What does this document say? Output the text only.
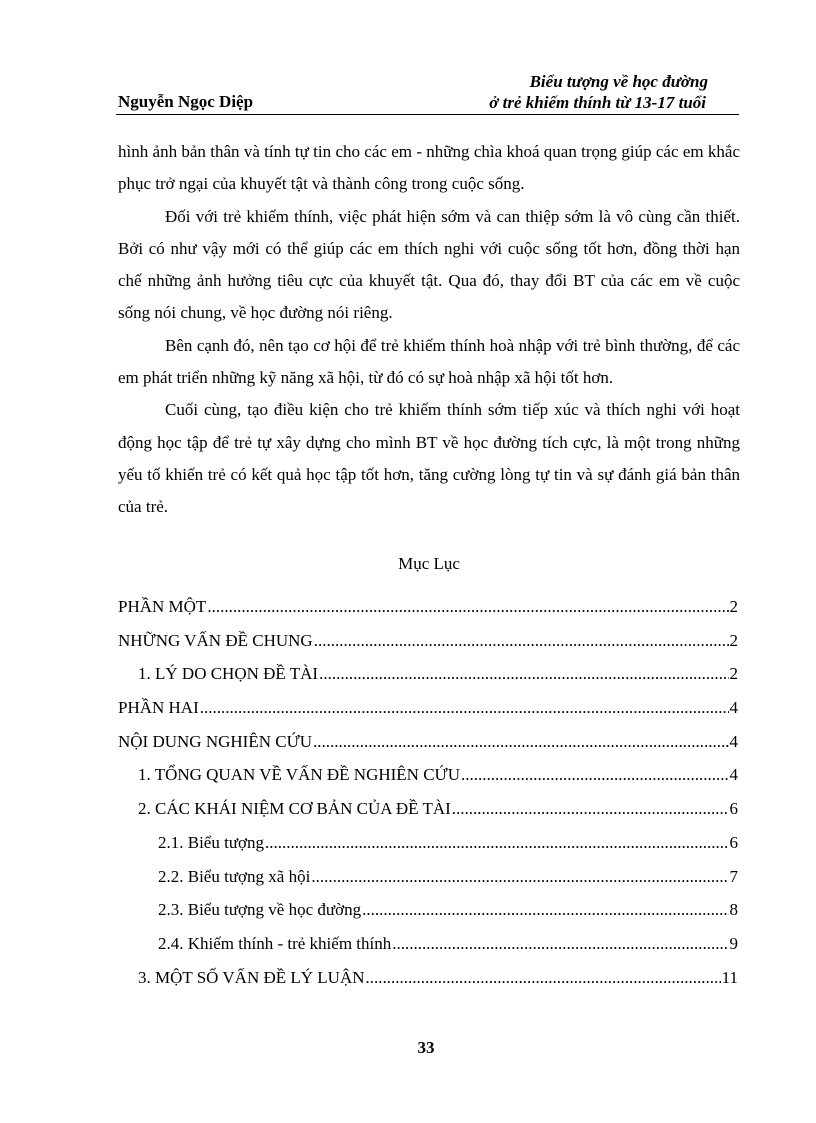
Nguyễn Ngọc Diệp
Biểu tượng về học đường
ở trẻ khiếm thính từ 13-17 tuổi

hình ảnh bản thân và tính tự tin cho các em - những chìa khoá quan trọng giúp các em khắc phục trở ngại của khuyết tật và thành công trong cuộc sống.

Đối với trẻ khiếm thính, việc phát hiện sớm và can thiệp sớm là vô cùng cần thiết. Bởi có như vậy mới có thể giúp các em thích nghi với cuộc sống tốt hơn, đồng thời hạn chế những ảnh hưởng tiêu cực của khuyết tật. Qua đó, thay đổi BT của các em về cuộc sống nói chung, về học đường nói riêng.

Bên cạnh đó, nên tạo cơ hội để trẻ khiếm thính hoà nhập với trẻ bình thường, để các em phát triển những kỹ năng xã hội, từ đó có sự hoà nhập xã hội tốt hơn.

Cuối cùng, tạo điều kiện cho trẻ khiếm thính sớm tiếp xúc và thích nghi với hoạt động học tập để trẻ tự xây dựng cho mình BT về học đường tích cực, là một trong những yếu tố khiến trẻ có kết quả học tập tốt hơn, tăng cường lòng tự tin và sự đánh giá bản thân của trẻ.

Mục Lục
PHẦN MỘT .....	2
NHỮNG VẤN ĐỀ CHUNG .....	2
1. LÝ DO CHỌN ĐỀ TÀI .....	2
PHẦN HAI .....	4
NỘI DUNG NGHIÊN CỨU .....	4
1. TỔNG QUAN VỀ VẤN ĐỀ NGHIÊN CỨU .....	4
2. CÁC KHÁI NIỆM CƠ BẢN CỦA ĐỀ TÀI .....	6
2.1. Biểu tượng .....	6
2.2. Biểu tượng xã hội .....	7
2.3. Biểu tượng về học đường .....	8
2.4. Khiếm thính - trẻ khiếm thính .....	9
3. MỘT SỐ VẤN ĐỀ LÝ LUẬN .....	11
33
